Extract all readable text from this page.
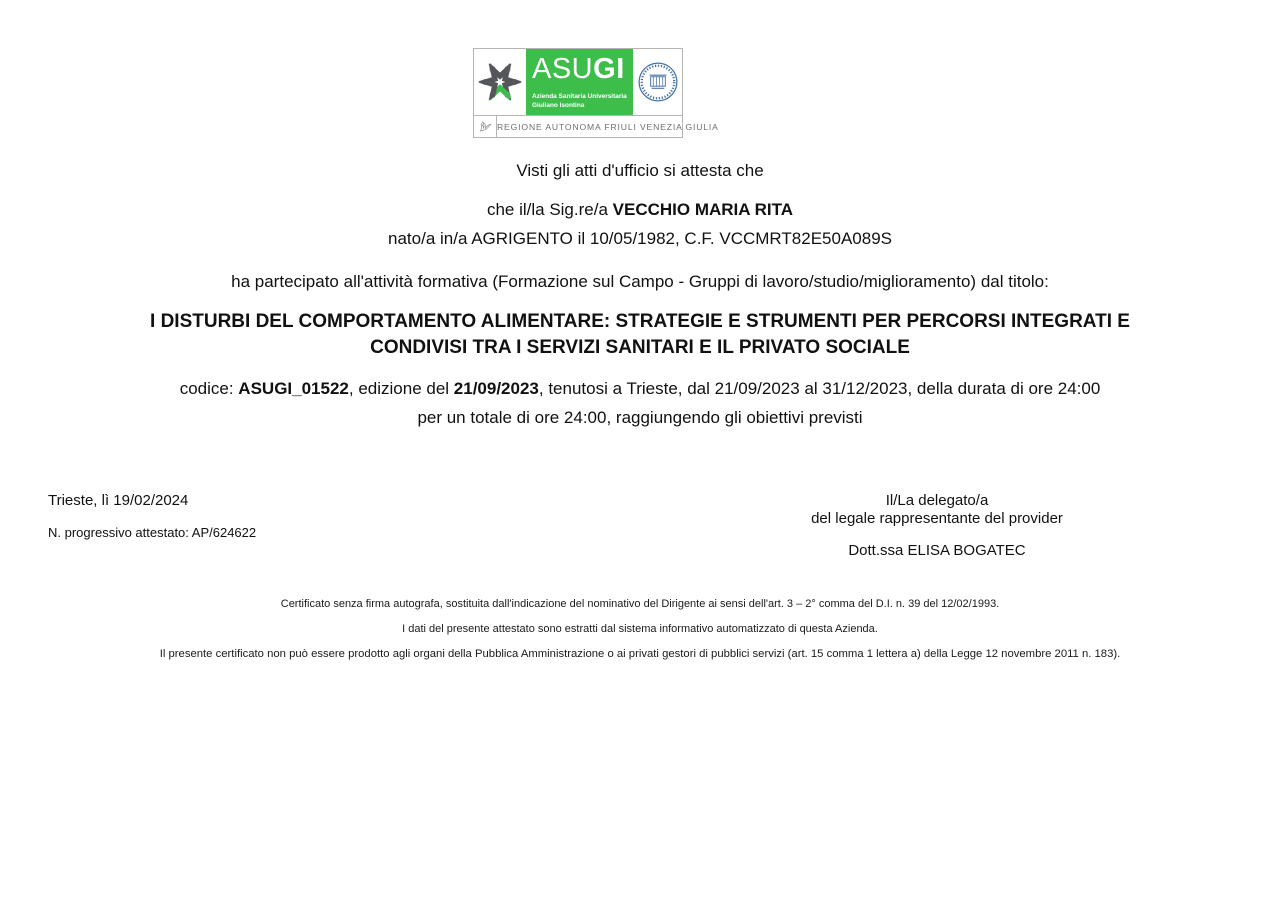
ASUGI
Azienda Sanitaria Universitaria
Giuliano Isontina
REGIONE AUTONOMA FRIULI VENEZIA GIULIA
Visti gli atti d'ufficio si attesta che
che il/la Sig.re/a VECCHIO MARIA RITA
nato/a in/a AGRIGENTO il 10/05/1982, C.F. VCCMRT82E50A089S
ha partecipato all'attività formativa (Formazione sul Campo - Gruppi di lavoro/studio/miglioramento) dal titolo:
I DISTURBI DEL COMPORTAMENTO ALIMENTARE: STRATEGIE E STRUMENTI PER PERCORSI INTEGRATI E
CONDIVISI TRA I SERVIZI SANITARI E IL PRIVATO SOCIALE
codice: ASUGI_01522, edizione del 21/09/2023, tenutosi a Trieste, dal 21/09/2023 al 31/12/2023, della durata di ore 24:00
per un totale di ore 24:00, raggiungendo gli obiettivi previsti
Trieste, lì 19/02/2024
N. progressivo attestato: AP/624622
Il/La delegato/a
del legale rappresentante del provider
Dott.ssa ELISA BOGATEC
Certificato senza firma autografa, sostituita dall'indicazione del nominativo del Dirigente ai sensi dell'art. 3 – 2° comma del D.I. n. 39 del 12/02/1993.
I dati del presente attestato sono estratti dal sistema informativo automatizzato di questa Azienda.
Il presente certificato non può essere prodotto agli organi della Pubblica Amministrazione o ai privati gestori di pubblici servizi (art. 15 comma 1 lettera a) della Legge 12 novembre 2011 n. 183).
